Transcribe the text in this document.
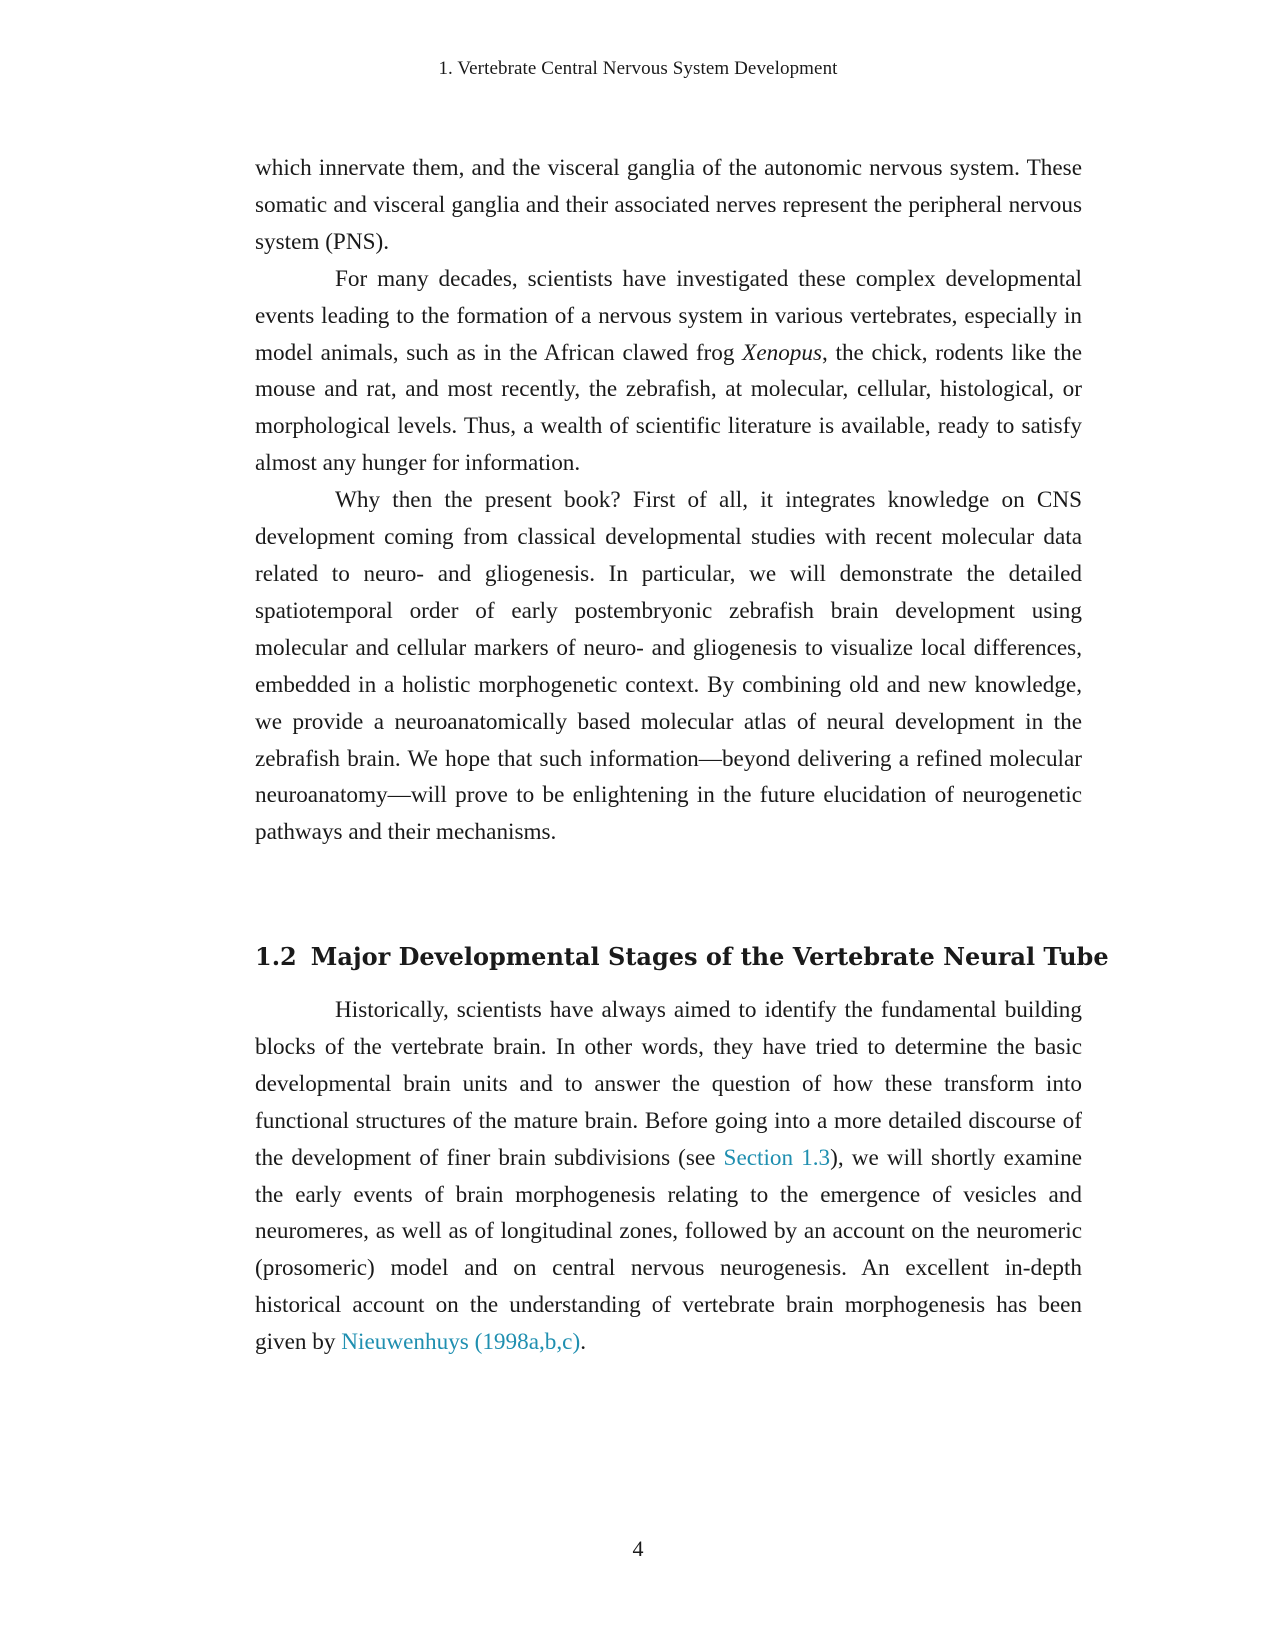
1. Vertebrate Central Nervous System Development

which innervate them, and the visceral ganglia of the autonomic nervous system. These somatic and visceral ganglia and their associated nerves represent the peripheral nervous system (PNS).

For many decades, scientists have investigated these complex developmental events leading to the formation of a nervous system in various vertebrates, especially in model animals, such as in the African clawed frog Xenopus, the chick, rodents like the mouse and rat, and most recently, the zebrafish, at molecular, cellular, histological, or morphological levels. Thus, a wealth of scientific literature is available, ready to satisfy almost any hunger for information.

Why then the present book? First of all, it integrates knowledge on CNS development coming from classical developmental studies with recent molecular data related to neuro- and gliogenesis. In particular, we will demonstrate the detailed spatiotemporal order of early postembryonic zebrafish brain development using molecular and cellular markers of neuro- and gliogenesis to visualize local differences, embedded in a holistic morphogenetic context. By combining old and new knowledge, we provide a neuroanatomically based molecular atlas of neural development in the zebrafish brain. We hope that such information—beyond delivering a refined molecular neuroanatomy—will prove to be enlightening in the future elucidation of neurogenetic pathways and their mechanisms.

1.2 Major Developmental Stages of the Vertebrate Neural Tube

Historically, scientists have always aimed to identify the fundamental building blocks of the vertebrate brain. In other words, they have tried to determine the basic developmental brain units and to answer the question of how these transform into functional structures of the mature brain. Before going into a more detailed discourse of the development of finer brain subdivisions (see Section 1.3), we will shortly examine the early events of brain morphogenesis relating to the emergence of vesicles and neuromeres, as well as of longitudinal zones, followed by an account on the neuromeric (prosomeric) model and on central nervous neurogenesis. An excellent in-depth historical account on the understanding of vertebrate brain morphogenesis has been given by Nieuwenhuys (1998a,b,c).

4
